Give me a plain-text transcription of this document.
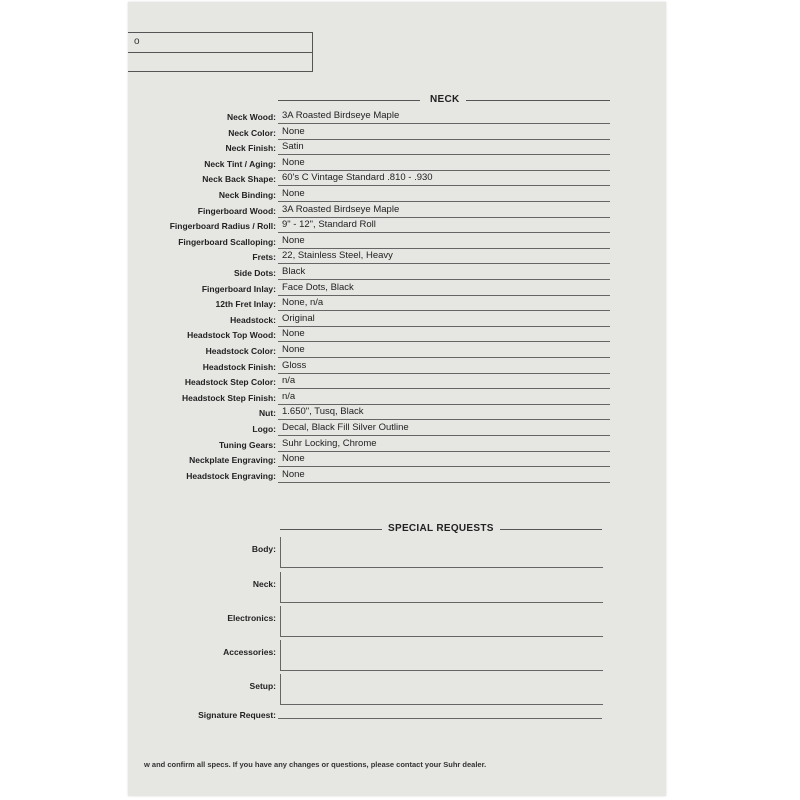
o
NECK
Neck Wood: 3A Roasted Birdseye Maple
Neck Color: None
Neck Finish: Satin
Neck Tint / Aging: None
Neck Back Shape: 60's C Vintage Standard .810 - .930
Neck Binding: None
Fingerboard Wood: 3A Roasted Birdseye Maple
Fingerboard Radius / Roll: 9" - 12", Standard Roll
Fingerboard Scalloping: None
Frets: 22, Stainless Steel, Heavy
Side Dots: Black
Fingerboard Inlay: Face Dots, Black
12th Fret Inlay: None, n/a
Headstock: Original
Headstock Top Wood: None
Headstock Color: None
Headstock Finish: Gloss
Headstock Step Color: n/a
Headstock Step Finish: n/a
Nut: 1.650", Tusq, Black
Logo: Decal, Black Fill Silver Outline
Tuning Gears: Suhr Locking, Chrome
Neckplate Engraving: None
Headstock Engraving: None
SPECIAL REQUESTS
Body:
Neck:
Electronics:
Accessories:
Setup:
Signature Request:
w and confirm all specs. If you have any changes or questions, please contact your Suhr dealer.
